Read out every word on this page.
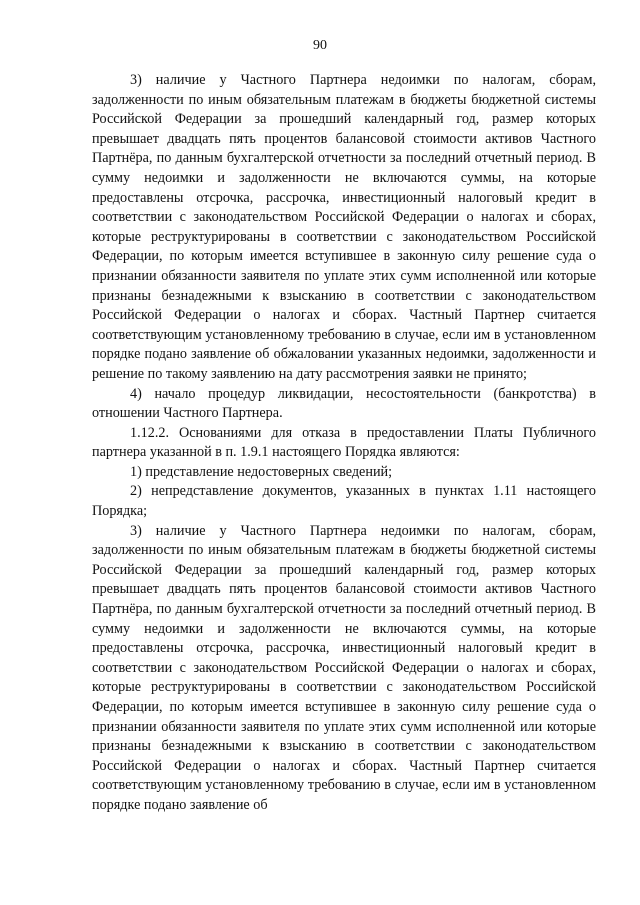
90

3) наличие у Частного Партнера недоимки по налогам, сборам, задолженности по иным обязательным платежам в бюджеты бюджетной системы Российской Федерации за прошедший календарный год, размер которых превышает двадцать пять процентов балансовой стоимости активов Частного Партнёра, по данным бухгалтерской отчетности за последний отчетный период. В сумму недоимки и задолженности не включаются суммы, на которые предоставлены отсрочка, рассрочка, инвестиционный налоговый кредит в соответствии с законодательством Российской Федерации о налогах и сборах, которые реструктурированы в соответствии с законодательством Российской Федерации, по которым имеется вступившее в законную силу решение суда о признании обязанности заявителя по уплате этих сумм исполненной или которые признаны безнадежными к взысканию в соответствии с законодательством Российской Федерации о налогах и сборах. Частный Партнер считается соответствующим установленному требованию в случае, если им в установленном порядке подано заявление об обжаловании указанных недоимки, задолженности и решение по такому заявлению на дату рассмотрения заявки не принято;

4) начало процедур ликвидации, несостоятельности (банкротства) в отношении Частного Партнера.

1.12.2. Основаниями для отказа в предоставлении Платы Публичного партнера указанной в п. 1.9.1 настоящего Порядка являются:

1) представление недостоверных сведений;

2) непредставление документов, указанных в пунктах 1.11 настоящего Порядка;

3) наличие у Частного Партнера недоимки по налогам, сборам, задолженности по иным обязательным платежам в бюджеты бюджетной системы Российской Федерации за прошедший календарный год, размер которых превышает двадцать пять процентов балансовой стоимости активов Частного Партнёра, по данным бухгалтерской отчетности за последний отчетный период. В сумму недоимки и задолженности не включаются суммы, на которые предоставлены отсрочка, рассрочка, инвестиционный налоговый кредит в соответствии с законодательством Российской Федерации о налогах и сборах, которые реструктурированы в соответствии с законодательством Российской Федерации, по которым имеется вступившее в законную силу решение суда о признании обязанности заявителя по уплате этих сумм исполненной или которые признаны безнадежными к взысканию в соответствии с законодательством Российской Федерации о налогах и сборах. Частный Партнер считается соответствующим установленному требованию в случае, если им в установленном порядке подано заявление об
